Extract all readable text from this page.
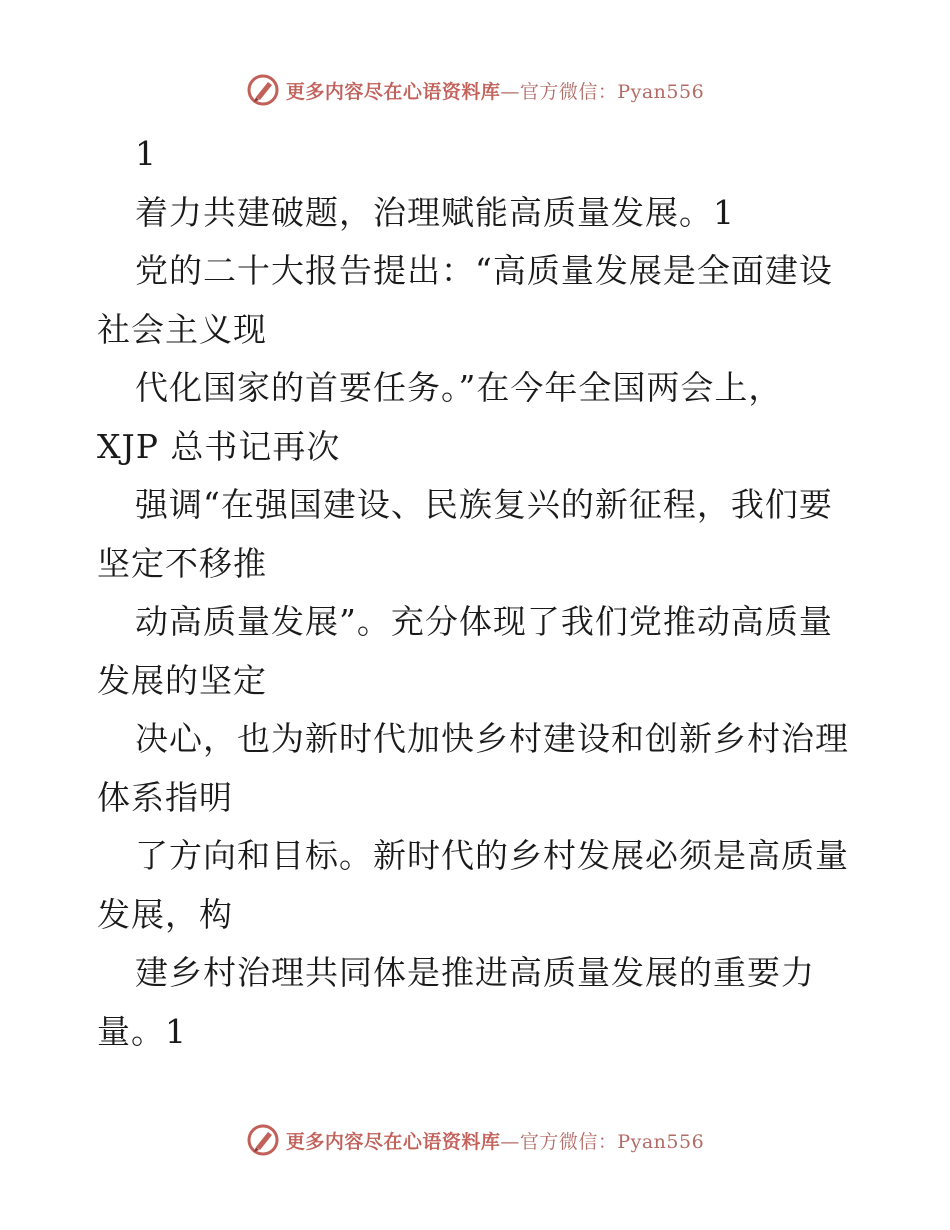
更多内容尽在心语资料库—官方微信：Pyan556
1
着力共建破题，治理赋能高质量发展。1
党的二十大报告提出：“高质量发展是全面建设
社会主义现
代化国家的首要任务。”在今年全国两会上，
XJP 总书记再次
强调“在强国建设、民族复兴的新征程，我们要
坚定不移推
动高质量发展”。充分体现了我们党推动高质量
发展的坚定
决心，也为新时代加快乡村建设和创新乡村治理
体系指明
了方向和目标。新时代的乡村发展必须是高质量
发展，构
建乡村治理共同体是推进高质量发展的重要力
量。1
更多内容尽在心语资料库—官方微信：Pyan556
